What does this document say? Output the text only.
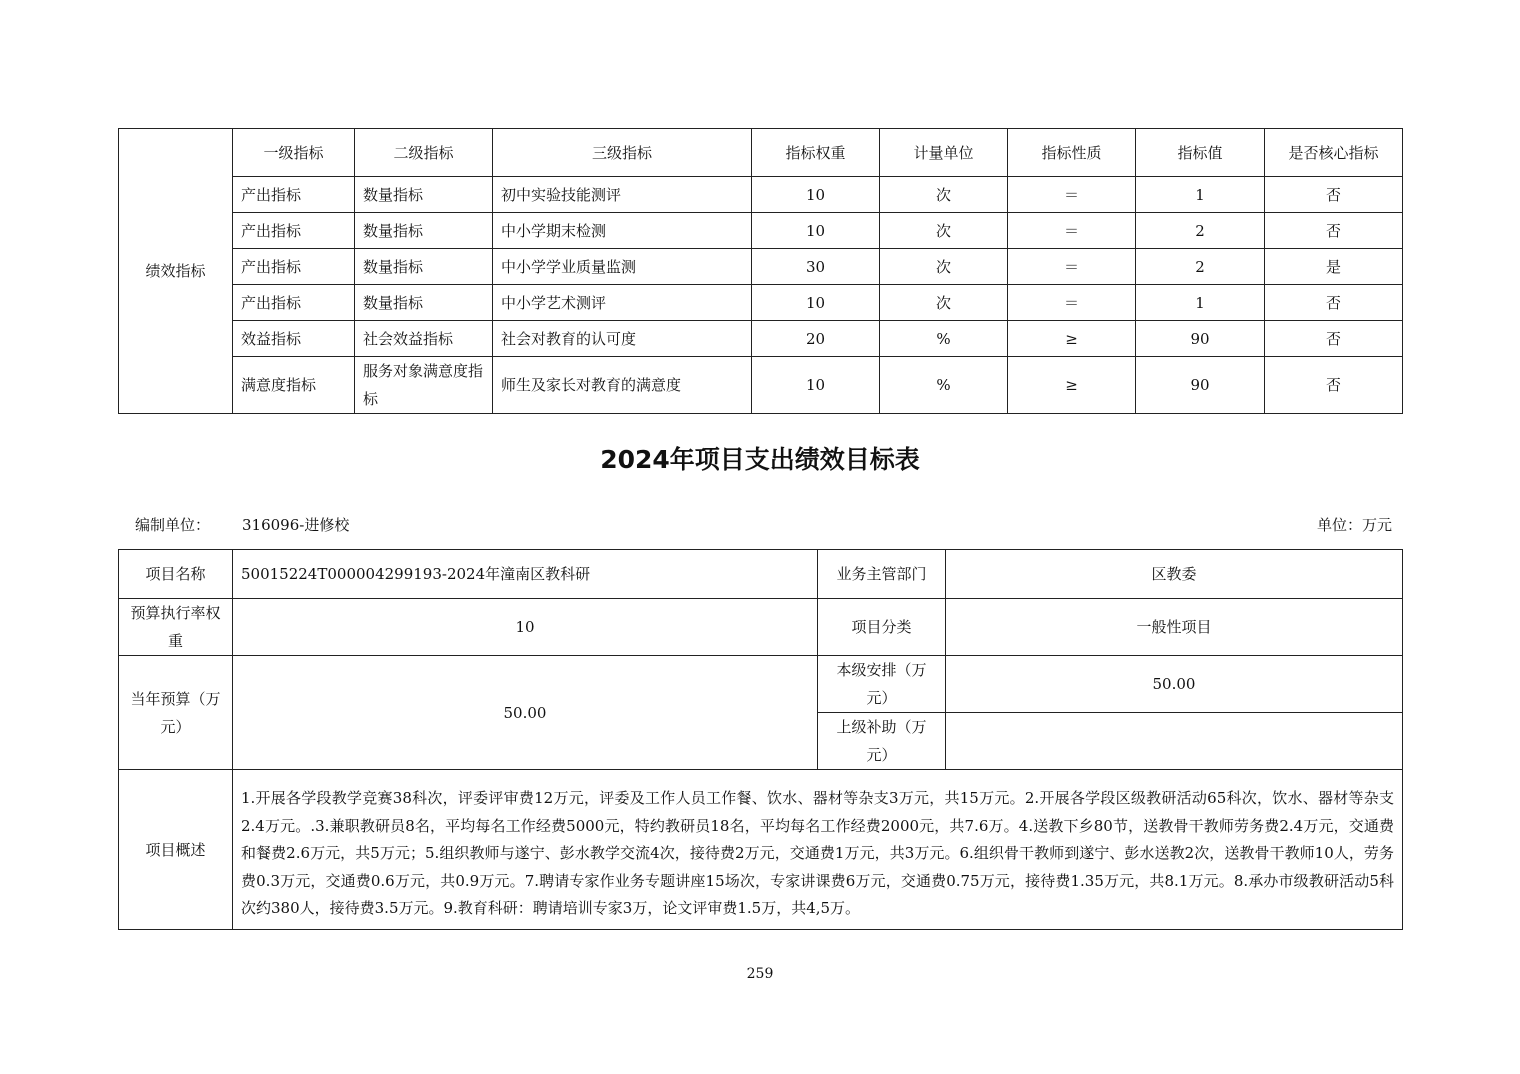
绩效指标	一级指标	二级指标	三级指标	指标权重	计量单位	指标性质	指标值	是否核心指标
	产出指标	数量指标	初中实验技能测评	10	次	＝	1	否
	产出指标	数量指标	中小学期末检测	10	次	＝	2	否
	产出指标	数量指标	中小学学业质量监测	30	次	＝	2	是
	产出指标	数量指标	中小学艺术测评	10	次	＝	1	否
	效益指标	社会效益指标	社会对教育的认可度	20	%	≥	90	否
	满意度指标	服务对象满意度指标	师生及家长对教育的满意度	10	%	≥	90	否
2024年项目支出绩效目标表
编制单位： 316096-进修校	单位：万元
项目名称	50015224T000004299193-2024年潼南区教科研	业务主管部门	区教委
预算执行率权重	10	项目分类	一般性项目
当年预算（万元）	50.00	本级安排（万元）	50.00
		上级补助（万元）	
项目概述	1.开展各学段教学竞赛38科次，评委评审费12万元，评委及工作人员工作餐、饮水、器材等杂支3万元，共15万元。2.开展各学段区级教研活动65科次，饮水、器材等杂支2.4万元。.3.兼职教研员8名，平均每名工作经费5000元，特约教研员18名，平均每名工作经费2000元，共7.6万。4.送教下乡80节，送教骨干教师劳务费2.4万元，交通费和餐费2.6万元，共5万元；5.组织教师与遂宁、彭水教学交流4次，接待费2万元，交通费1万元，共3万元。6.组织骨干教师到遂宁、彭水送教2次，送教骨干教师10人，劳务费0.3万元，交通费0.6万元，共0.9万元。7.聘请专家作业务专题讲座15场次，专家讲课费6万元，交通费0.75万元，接待费1.35万元，共8.1万元。8.承办市级教研活动5科次约380人，接待费3.5万元。9.教育科研：聘请培训专家3万，论文评审费1.5万，共4,5万。		
259
